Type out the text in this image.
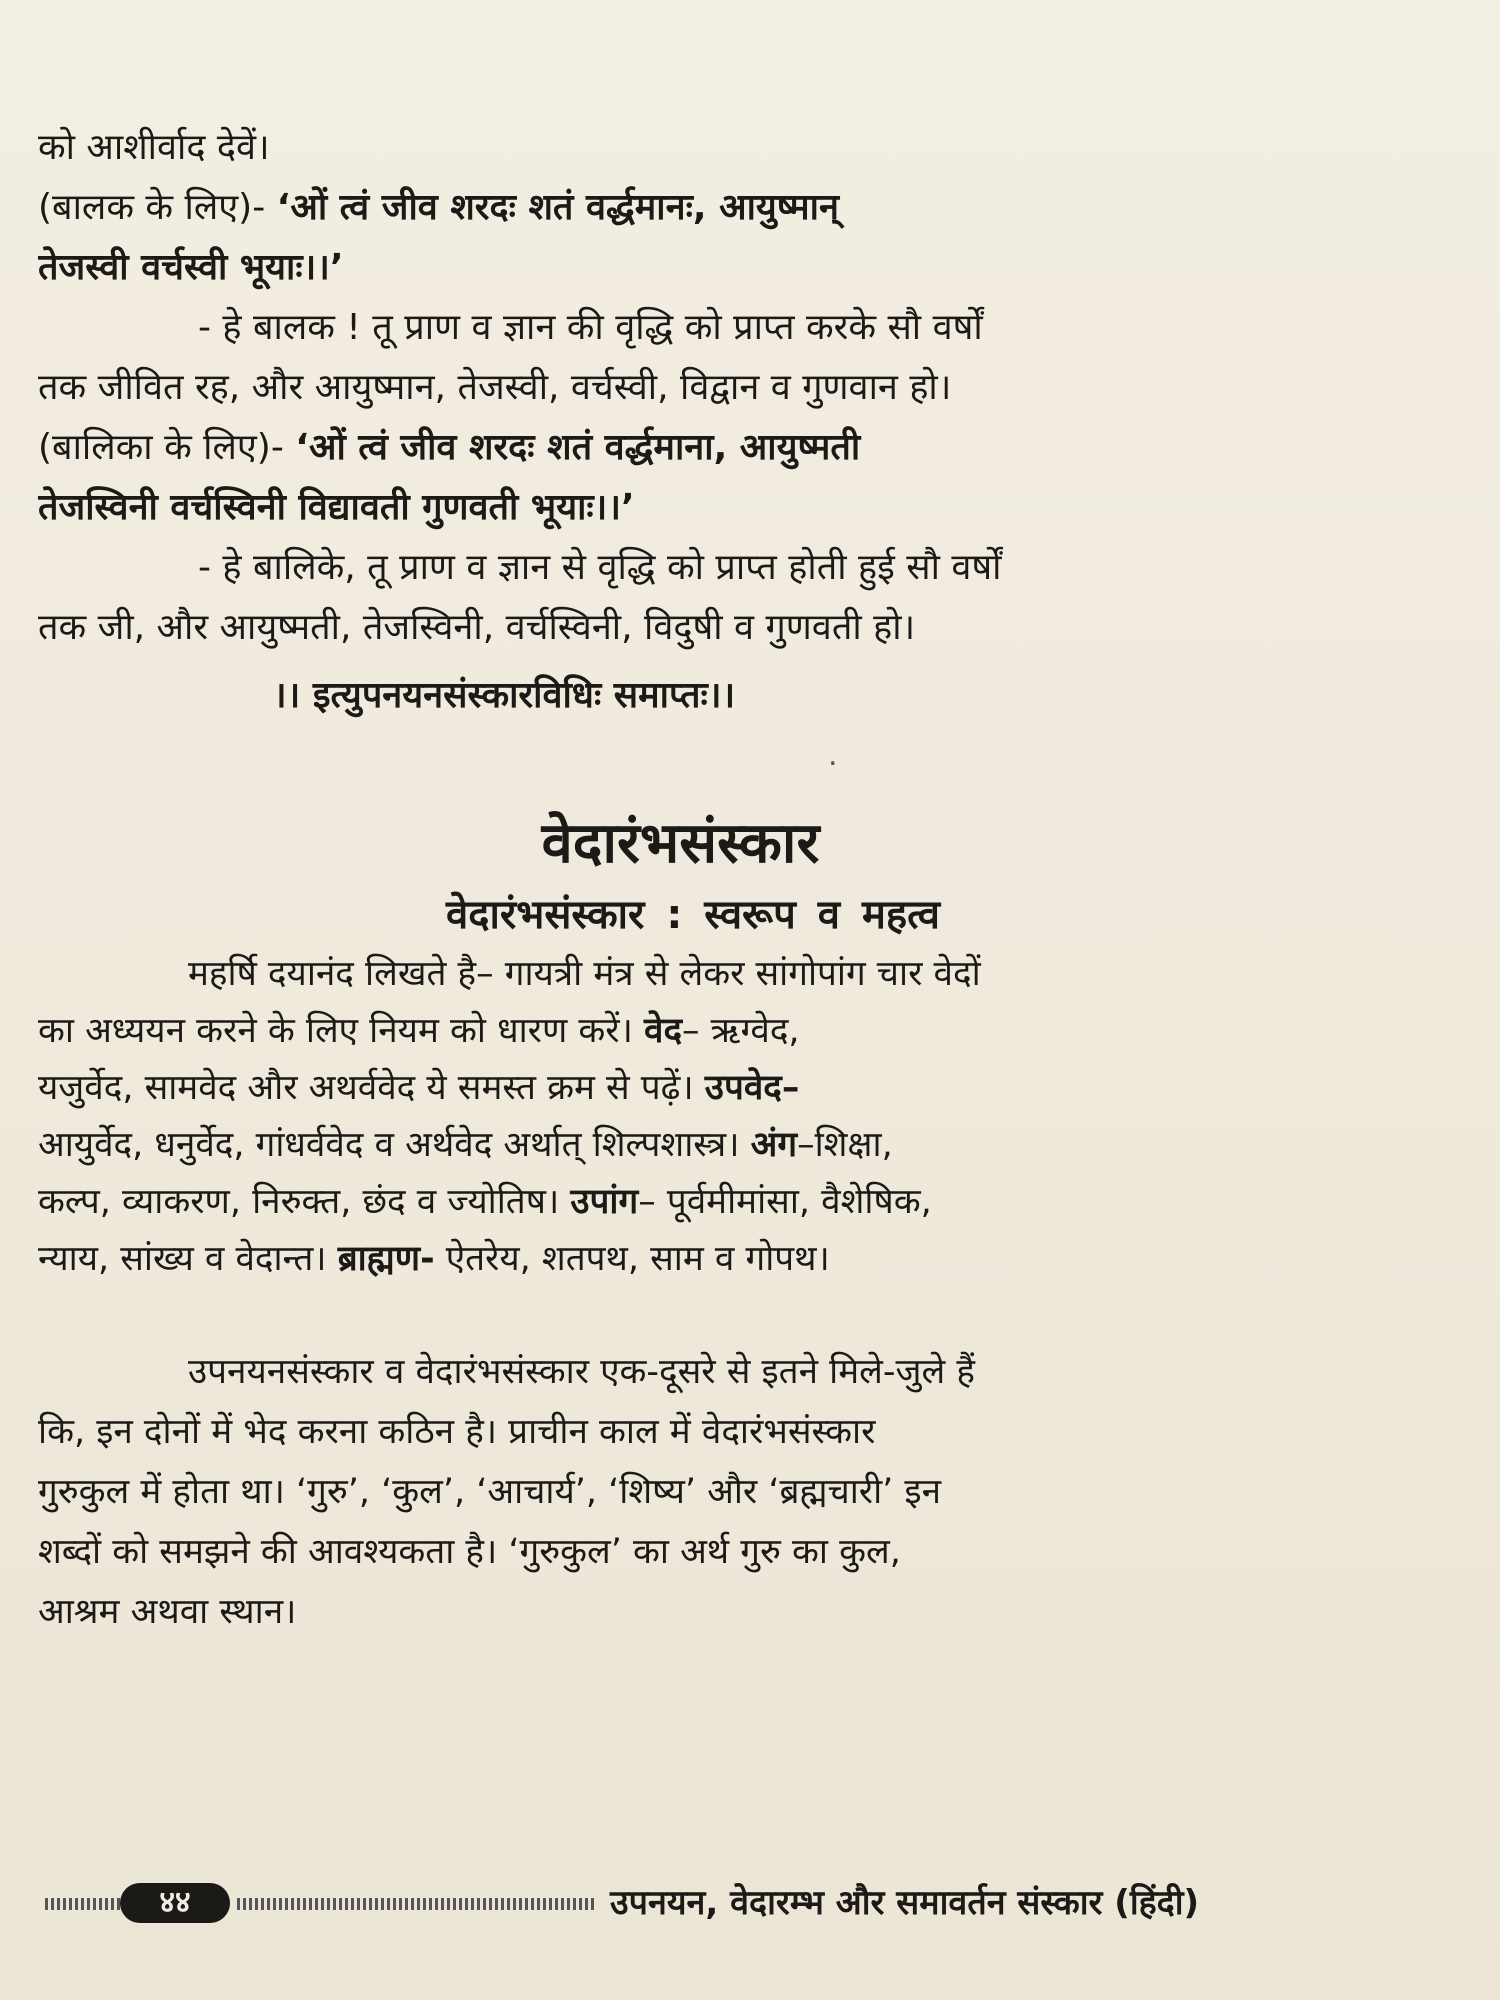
को आशीर्वाद देवें।
(बालक के लिए)- ‘ओं त्वं जीव शरदः शतं वर्द्धमानः, आयुष्मान्
तेजस्वी वर्चस्वी भूयाः।।’
- हे बालक ! तू प्राण व ज्ञान की वृद्धि को प्राप्त करके सौ वर्षों
तक जीवित रह, और आयुष्मान, तेजस्वी, वर्चस्वी, विद्वान व गुणवान हो।
(बालिका के लिए)- ‘ओं त्वं जीव शरदः शतं वर्द्धमाना, आयुष्मती
तेजस्विनी वर्चस्विनी विद्यावती गुणवती भूयाः।।’
- हे बालिके, तू प्राण व ज्ञान से वृद्धि को प्राप्त होती हुई सौ वर्षों
तक जी, और आयुष्मती, तेजस्विनी, वर्चस्विनी, विदुषी व गुणवती हो।
।। इत्युपनयनसंस्कारविधिः समाप्तः।।
.
वेदारंभसंस्कार
वेदारंभसंस्कार : स्वरूप व महत्व
महर्षि दयानंद लिखते है– गायत्री मंत्र से लेकर सांगोपांग चार वेदों
का अध्ययन करने के लिए नियम को धारण करें। वेद– ऋग्वेद,
यजुर्वेद, सामवेद और अथर्ववेद ये समस्त क्रम से पढ़ें। उपवेद–
आयुर्वेद, धनुर्वेद, गांधर्ववेद व अर्थवेद अर्थात् शिल्पशास्त्र। अंग–शिक्षा,
कल्प, व्याकरण, निरुक्त, छंद व ज्योतिष। उपांग– पूर्वमीमांसा, वैशेषिक,
न्याय, सांख्य व वेदान्त। ब्राह्मण- ऐतरेय, शतपथ, साम व गोपथ।
उपनयनसंस्कार व वेदारंभसंस्कार एक-दूसरे से इतने मिले-जुले हैं
कि, इन दोनों में भेद करना कठिन है। प्राचीन काल में वेदारंभसंस्कार
गुरुकुल में होता था। ‘गुरु’, ‘कुल’, ‘आचार्य’, ‘शिष्य’ और ‘ब्रह्मचारी’ इन
शब्दों को समझने की आवश्यकता है। ‘गुरुकुल’ का अर्थ गुरु का कुल,
आश्रम अथवा स्थान।
४४	उपनयन, वेदारम्भ और समावर्तन संस्कार (हिंदी)
